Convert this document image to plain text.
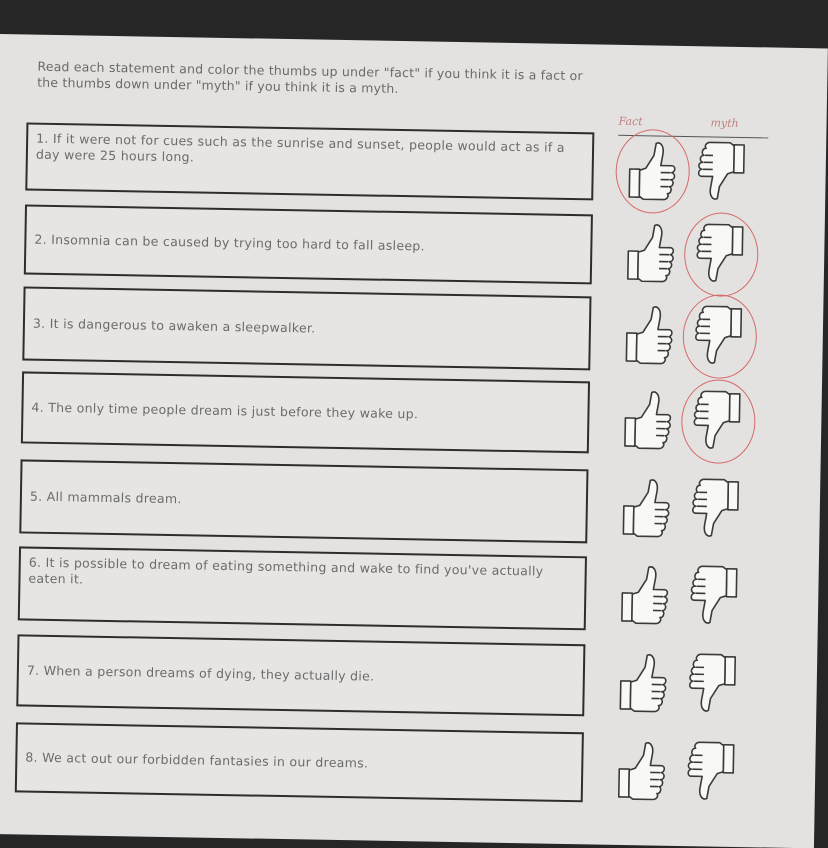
Read each statement and color the thumbs up under "fact" if you think it is a fact or the thumbs down under "myth" if you think it is a myth.
Fact	myth
1. If it were not for cues such as the sunrise and sunset, people would act as if a day were 25 hours long.
2. Insomnia can be caused by trying too hard to fall asleep.
3. It is dangerous to awaken a sleepwalker.
4. The only time people dream is just before they wake up.
5. All mammals dream.
6. It is possible to dream of eating something and wake to find you've actually eaten it.
7. When a person dreams of dying, they actually die.
8. We act out our forbidden fantasies in our dreams.
